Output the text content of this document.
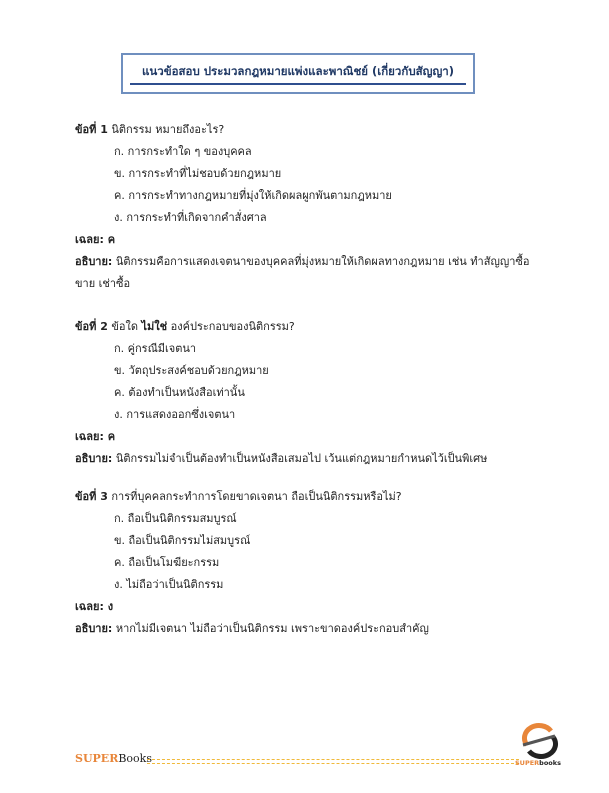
แนวข้อสอบ ประมวลกฎหมายแพ่งและพาณิชย์ (เกี่ยวกับสัญญา)
ข้อที่ 1 นิติกรรม หมายถึงอะไร?
ก. การกระทำใด ๆ ของบุคคล
ข. การกระทำที่ไม่ชอบด้วยกฎหมาย
ค. การกระทำทางกฎหมายที่มุ่งให้เกิดผลผูกพันตามกฎหมาย
ง. การกระทำที่เกิดจากคำสั่งศาล
เฉลย: ค
อธิบาย: นิติกรรมคือการแสดงเจตนาของบุคคลที่มุ่งหมายให้เกิดผลทางกฎหมาย เช่น ทำสัญญาซื้อขาย เช่าซื้อ
ข้อที่ 2 ข้อใด ไม่ใช่ องค์ประกอบของนิติกรรม?
ก. คู่กรณีมีเจตนา
ข. วัตถุประสงค์ชอบด้วยกฎหมาย
ค. ต้องทำเป็นหนังสือเท่านั้น
ง. การแสดงออกซึ่งเจตนา
เฉลย: ค
อธิบาย: นิติกรรมไม่จำเป็นต้องทำเป็นหนังสือเสมอไป เว้นแต่กฎหมายกำหนดไว้เป็นพิเศษ
ข้อที่ 3 การที่บุคคลกระทำการโดยขาดเจตนา ถือเป็นนิติกรรมหรือไม่?
ก. ถือเป็นนิติกรรมสมบูรณ์
ข. ถือเป็นนิติกรรมไม่สมบูรณ์
ค. ถือเป็นโมฆียะกรรม
ง. ไม่ถือว่าเป็นนิติกรรม
เฉลย: ง
อธิบาย: หากไม่มีเจตนา ไม่ถือว่าเป็นนิติกรรม เพราะขาดองค์ประกอบสำคัญ
SUPERBooks	SUPERbooks
